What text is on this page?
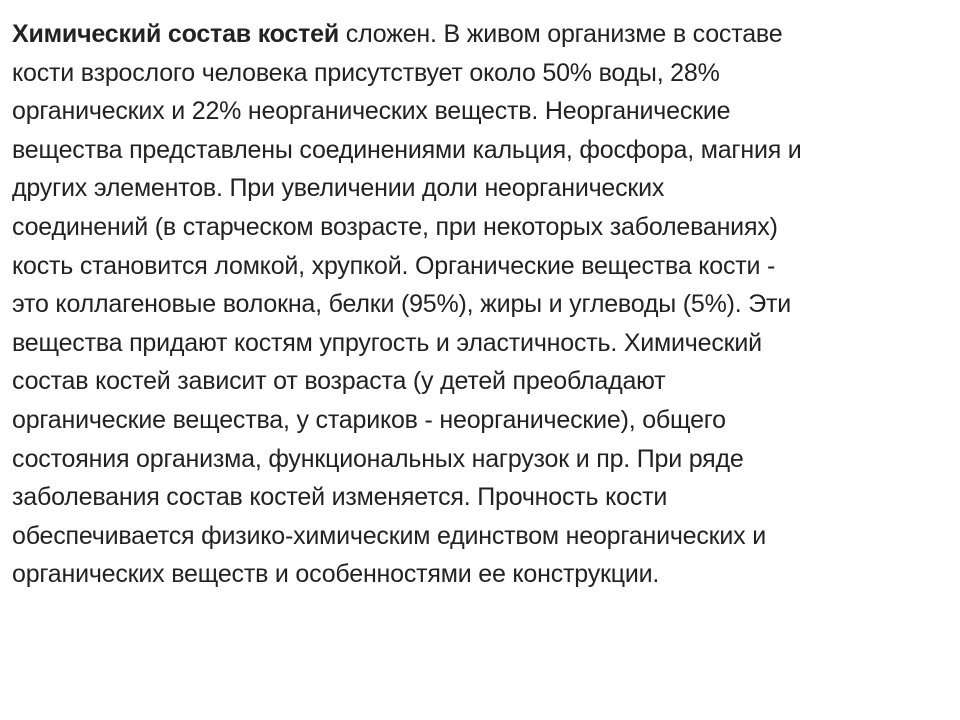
Химический состав костей сложен. В живом организме в составе
кости взрослого человека присутствует около 50% воды, 28%
органических и 22% неорганических веществ. Неорганические
вещества представлены соединениями кальция, фосфора, магния и
других элементов. При увеличении доли неорганических
соединений (в старческом возрасте, при некоторых заболеваниях)
кость становится ломкой, хрупкой. Органические вещества кости -
это коллагеновые волокна, белки (95%), жиры и углеводы (5%). Эти
вещества придают костям упругость и эластичность. Химический
состав костей зависит от возраста (у детей преобладают
органические вещества, у стариков - неорганические), общего
состояния организма, функциональных нагрузок и пр. При ряде
заболевания состав костей изменяется. Прочность кости
обеспечивается физико-химическим единством неорганических и
органических веществ и особенностями ее конструкции.
